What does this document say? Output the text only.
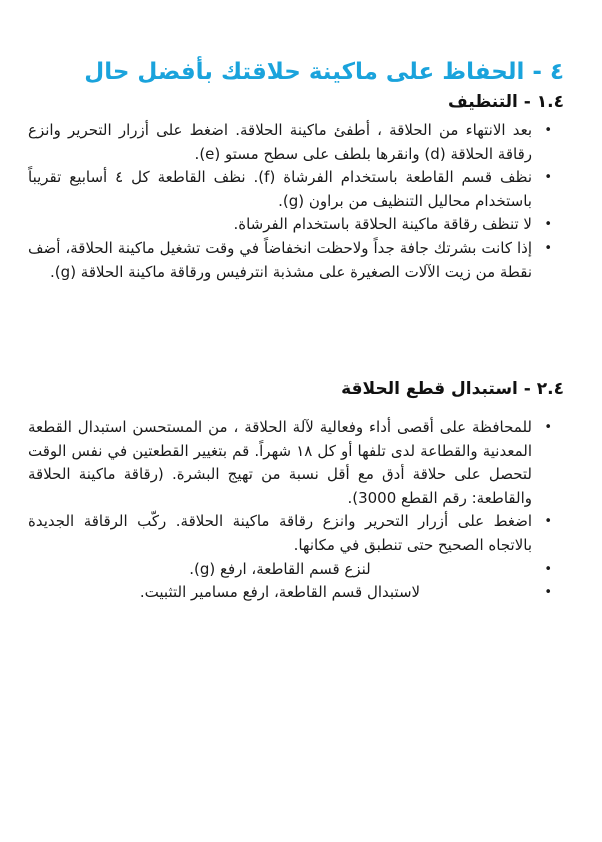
٤ - الحفاظ على ماكينة حلاقتك بأفضل حال
١.٤ - التنظيف
•
بعد الانتهاء من الحلاقة ، أطفئ ماكينة الحلاقة. اضغط على أزرار التحرير وانزع رقاقة الحلاقة (d) وانقرها بلطف على سطح مستو (e).
•
نظف قسم القاطعة باستخدام الفرشاة (f). نظف القاطعة كل ٤ أسابيع تقريباً باستخدام محاليل التنظيف من براون (g).
•
لا تنظف رقاقة ماكينة الحلاقة باستخدام الفرشاة.
•
إذا كانت بشرتك جافة جداً ولاحظت انخفاضاً في وقت تشغيل ماكينة الحلاقة، أضف نقطة من زيت الآلات الصغيرة على مشذبة انترفيس ورقاقة ماكينة الحلاقة (g).
٢.٤ - استبدال قطع الحلاقة
•
للمحافظة على أقصى أداء وفعالية لآلة الحلاقة ، من المستحسن استبدال القطعة المعدنية والقطاعة لدى تلفها أو كل ١٨ شهراً. قم بتغيير القطعتين في نفس الوقت لتحصل على حلاقة أدق مع أقل نسبة من تهيج البشرة. (رقاقة ماكينة الحلاقة والقاطعة: رقم القطع 3000).
•
اضغط على أزرار التحرير وانزع رقاقة ماكينة الحلاقة. ركّب الرقاقة الجديدة بالاتجاه الصحيح حتى تنطبق في مكانها.
•
لنزع قسم القاطعة، ارفع (g).
•
لاستبدال قسم القاطعة، ارفع مسامير التثبيت.
